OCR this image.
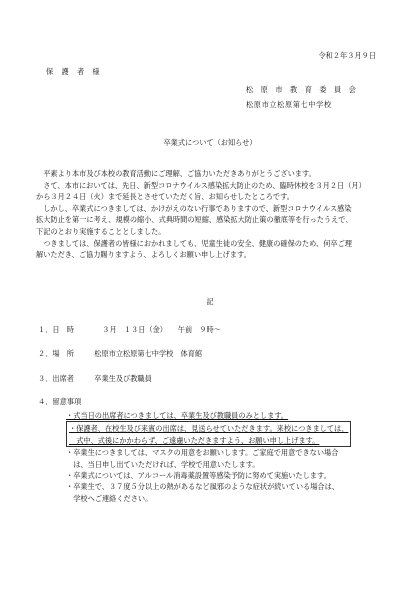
令和２年３月９日
保 護 者 様
松 原 市 教 育 委 員 会
松原市立松原第七中学校
卒業式について（お知らせ）

　平素より本市及び本校の教育活動にご理解、ご協力いただきありがとうございます。

　さて、本市においては、先日、新型コロナウイルス感染拡大防止のため、臨時休校を３月２日（月）

から３月２４日（火）まで延長とさせていただく旨、お知らせしたところです。

　しかし、卒業式につきましては、かけがえのない行事でありますので、新型コロナウイルス感染

拡大防止を第一に考え、規模の縮小、式典時間の短縮、感染拡大防止策の徹底等を行ったうえで、

下記のとおり実施することとしました。

　つきましては、保護者の皆様におかれましても、児童生徒の安全、健康の確保のため、何卒ご理

解いただき、ご協力賜りますよう、よろしくお願い申し上げます。

記
１．日　時	３月　１３日（金）　　午前　９時～
２．場　所	松原市立松原第七中学校　体育館
３．出席者	卒業生及び教職員
４．留意事項

・式当日の出席者につきましては、卒業生及び教職員のみとします。

・保護者、在校生及び来賓の出席は、見送らせていただきます。来校につきましては、

　式中、式後にかかわらず、ご遠慮いただきますよう、お願い申し上げます。

・卒業生につきましては、マスクの用意をお願いします。ご家庭で用意できない場合

　は、当日申し出ていただければ、学校で用意いたします。

・卒業式については、アルコール消毒薬設置等感染予防に努めて実施いたします。

・卒業生で、３７度５分以上の熱があるなど風邪のような症状が続いている場合は、

　学校へご連絡ください。
